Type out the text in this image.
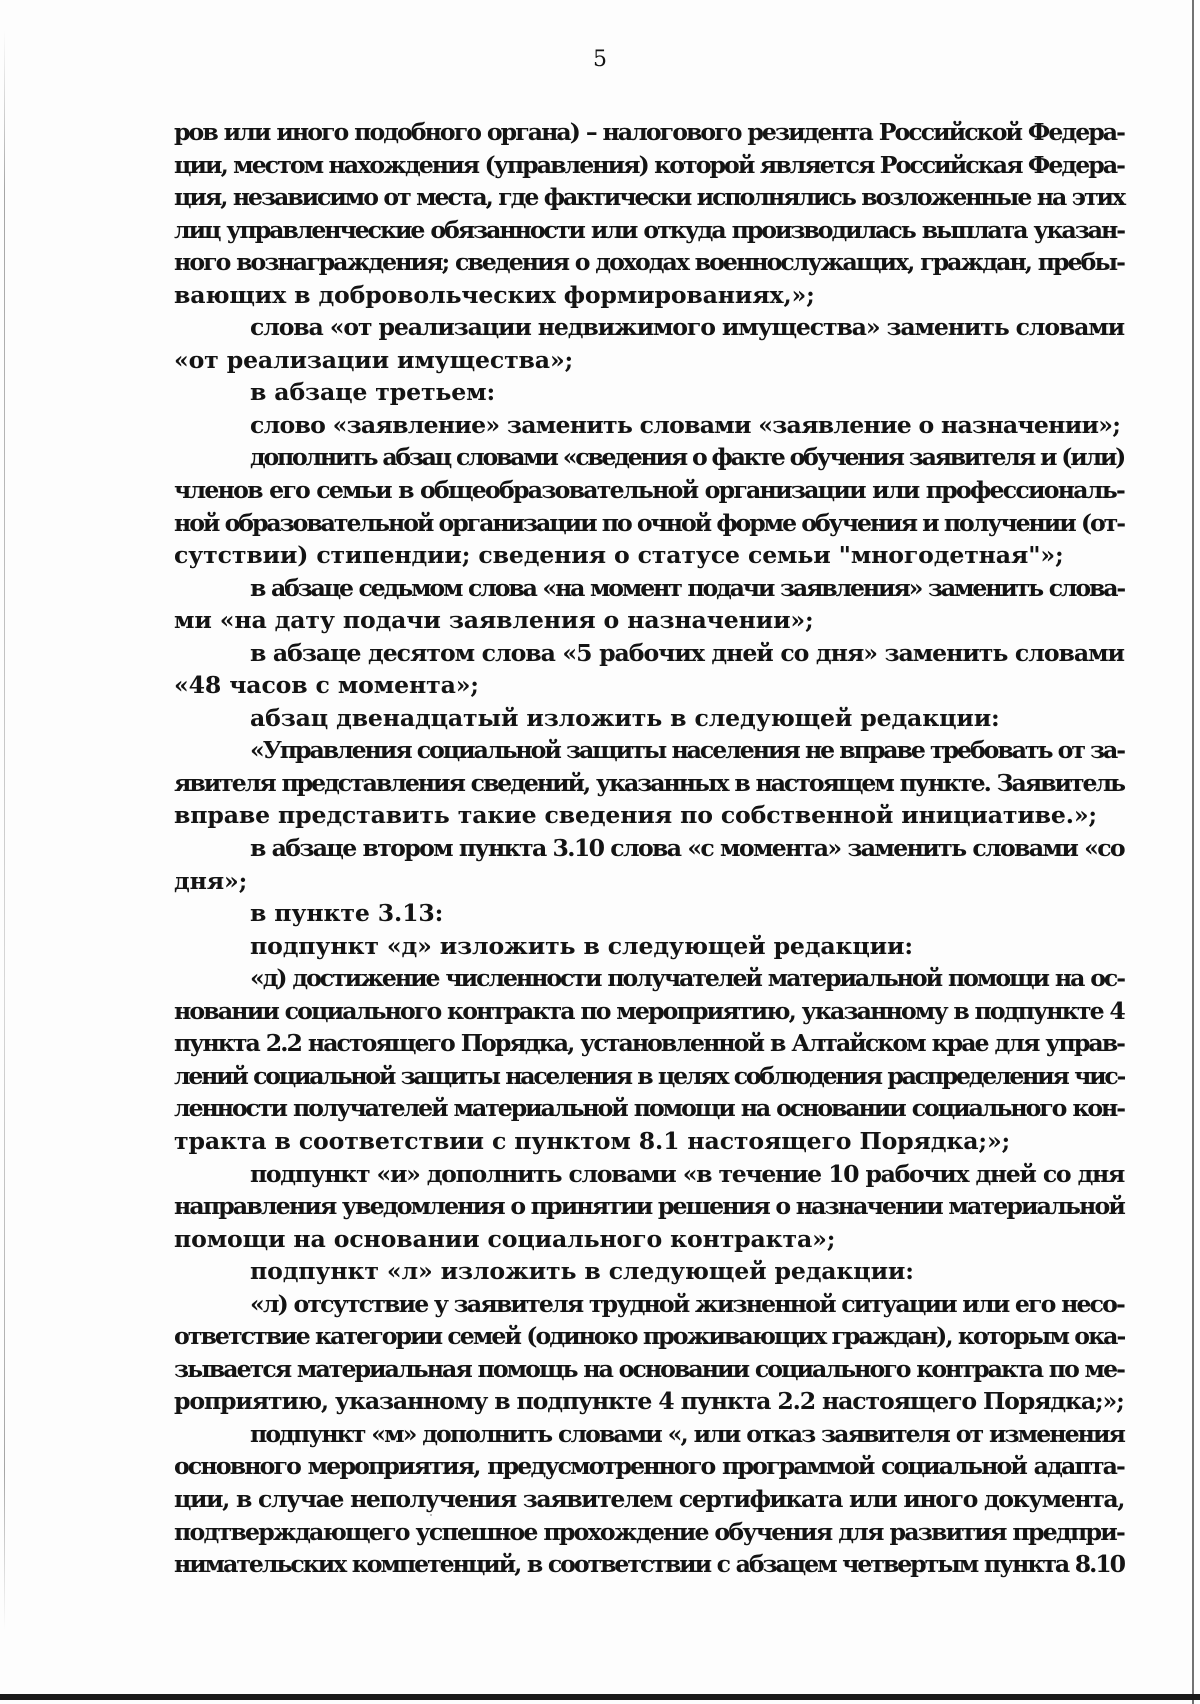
5
ров или иного подобного органа) – налогового резидента Российской Федера-
ции, местом нахождения (управления) которой является Российская Федера-
ция, независимо от места, где фактически исполнялись возложенные на этих
лиц управленческие обязанности или откуда производилась выплата указан-
ного вознаграждения; сведения о доходах военнослужащих, граждан, пребы-
вающих в добровольческих формированиях,»;
слова «от реализации недвижимого имущества» заменить словами
«от реализации имущества»;
в абзаце третьем:
слово «заявление» заменить словами «заявление о назначении»;
дополнить абзац словами «сведения о факте обучения заявителя и (или)
членов его семьи в общеобразовательной организации или профессиональ-
ной образовательной организации по очной форме обучения и получении (от-
сутствии) стипендии; сведения о статусе семьи "многодетная"»;
в абзаце седьмом слова «на момент подачи заявления» заменить слова-
ми «на дату подачи заявления о назначении»;
в абзаце десятом слова «5 рабочих дней со дня» заменить словами
«48 часов с момента»;
абзац двенадцатый изложить в следующей редакции:
«Управления социальной защиты населения не вправе требовать от за-
явителя представления сведений, указанных в настоящем пункте. Заявитель
вправе представить такие сведения по собственной инициативе.»;
в абзаце втором пункта 3.10 слова «с момента» заменить словами «со
дня»;
в пункте 3.13:
подпункт «д» изложить в следующей редакции:
«д) достижение численности получателей материальной помощи на ос-
новании социального контракта по мероприятию, указанному в подпункте 4
пункта 2.2 настоящего Порядка, установленной в Алтайском крае для управ-
лений социальной защиты населения в целях соблюдения распределения чис-
ленности получателей материальной помощи на основании социального кон-
тракта в соответствии с пунктом 8.1 настоящего Порядка;»;
подпункт «и» дополнить словами «в течение 10 рабочих дней со дня
направления уведомления о принятии решения о назначении материальной
помощи на основании социального контракта»;
подпункт «л» изложить в следующей редакции:
«л) отсутствие у заявителя трудной жизненной ситуации или его несо-
ответствие категории семей (одиноко проживающих граждан), которым ока-
зывается материальная помощь на основании социального контракта по ме-
роприятию, указанному в подпункте 4 пункта 2.2 настоящего Порядка;»;
подпункт «м» дополнить словами «, или отказ заявителя от изменения
основного мероприятия, предусмотренного программой социальной адапта-
ции, в случае неполучения заявителем сертификата или иного документа,
подтверждающего успешное прохождение обучения для развития предпри-
нимательских компетенций, в соответствии с абзацем четвертым пункта 8.10
